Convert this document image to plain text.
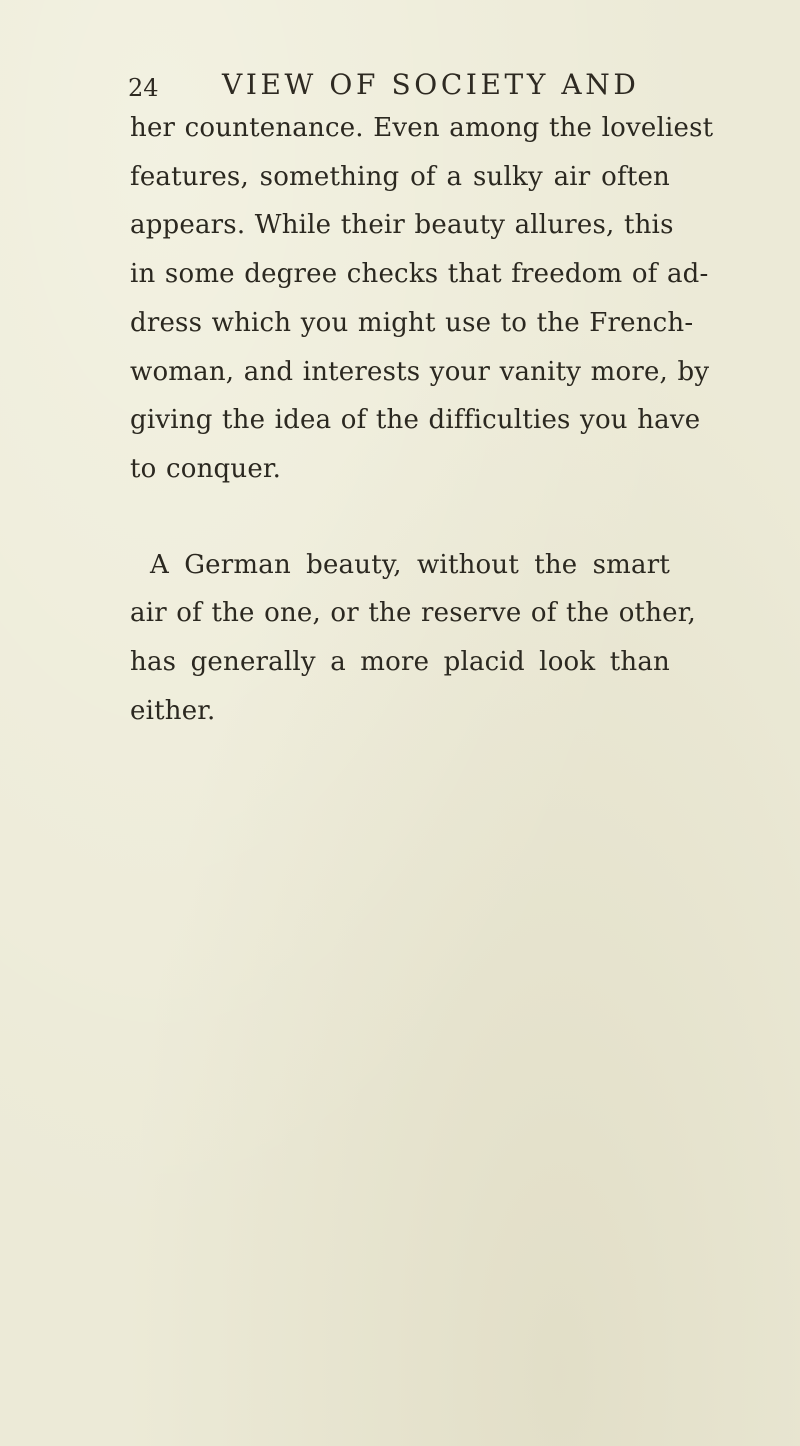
24 VIEW OF SOCIETY AND

her countenance. Even among the loveliest
features, something of a sulky air often
appears. While their beauty allures, this
in some degree checks that freedom of ad-
dress which you might use to the French-
woman, and interests your vanity more, by
giving the idea of the difficulties you have
to conquer.

A German beauty, without the smart
air of the one, or the reserve of the other,
has generally a more placid look than
either.
